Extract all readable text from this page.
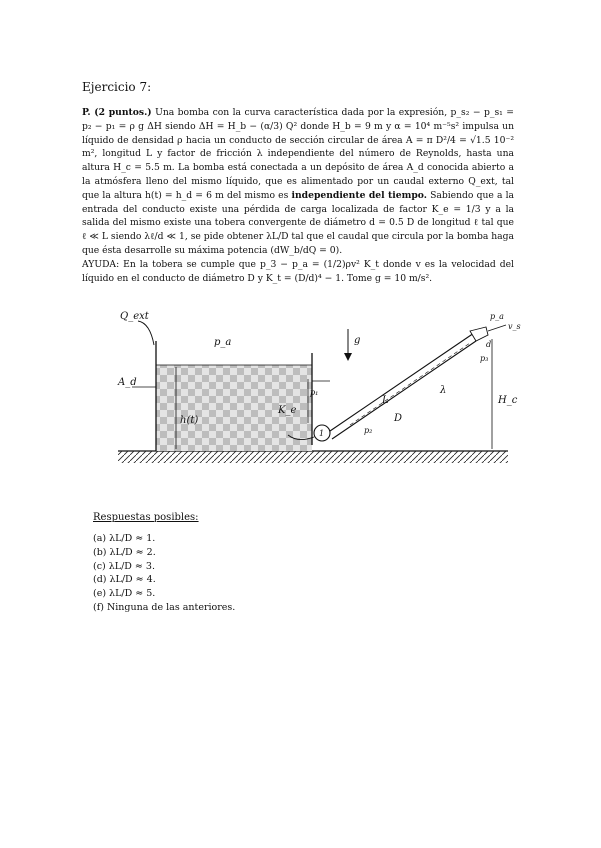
Ejercicio 7:
P. (2 puntos.) Una bomba con la curva característica dada por la expresión, p_s₂ − p_s₁ = p₂ − p₁ = ρ g ΔH siendo ΔH = H_b − (α/3) Q² donde H_b = 9 m y α = 10⁴ m⁻⁵s² impulsa un líquido de densidad ρ hacia un conducto de sección circular de área A = π D²/4 = √1.5 10⁻² m², longitud L y factor de fricción λ independiente del número de Reynolds, hasta una altura H_c = 5.5 m. La bomba está conectada a un depósito de área A_d conocida abierto a la atmósfera lleno del mismo líquido, que es alimentado por un caudal externo Q_ext, tal que la altura h(t) = h_d = 6 m del mismo es independiente del tiempo. Sabiendo que a la entrada del conducto existe una pérdida de carga localizada de factor K_e = 1/3 y a la salida del mismo existe una tobera convergente de diámetro d = 0.5 D de longitud ℓ tal que ℓ ≪ L siendo λℓ/d ≪ 1, se pide obtener λL/D tal que el caudal que circula por la bomba haga que ésta desarrolle su máxima potencia (dW_b/dQ = 0).
AYUDA: En la tobera se cumple que p_3 − p_a = (1/2)ρv² K_t donde v es la velocidad del líquido en el conducto de diámetro D y K_t = (D/d)⁴ − 1. Tome g = 10 m/s².
Q_ext
A_d
p_a
h(t)
g
1
K_e
p₁
p₂
L
λ
D
p_a
v_s
p₃
d
H_c
Respuestas posibles:
(a) λL/D ≈ 1.
(b) λL/D ≈ 2.
(c) λL/D ≈ 3.
(d) λL/D ≈ 4.
(e) λL/D ≈ 5.
(f) Ninguna de las anteriores.
